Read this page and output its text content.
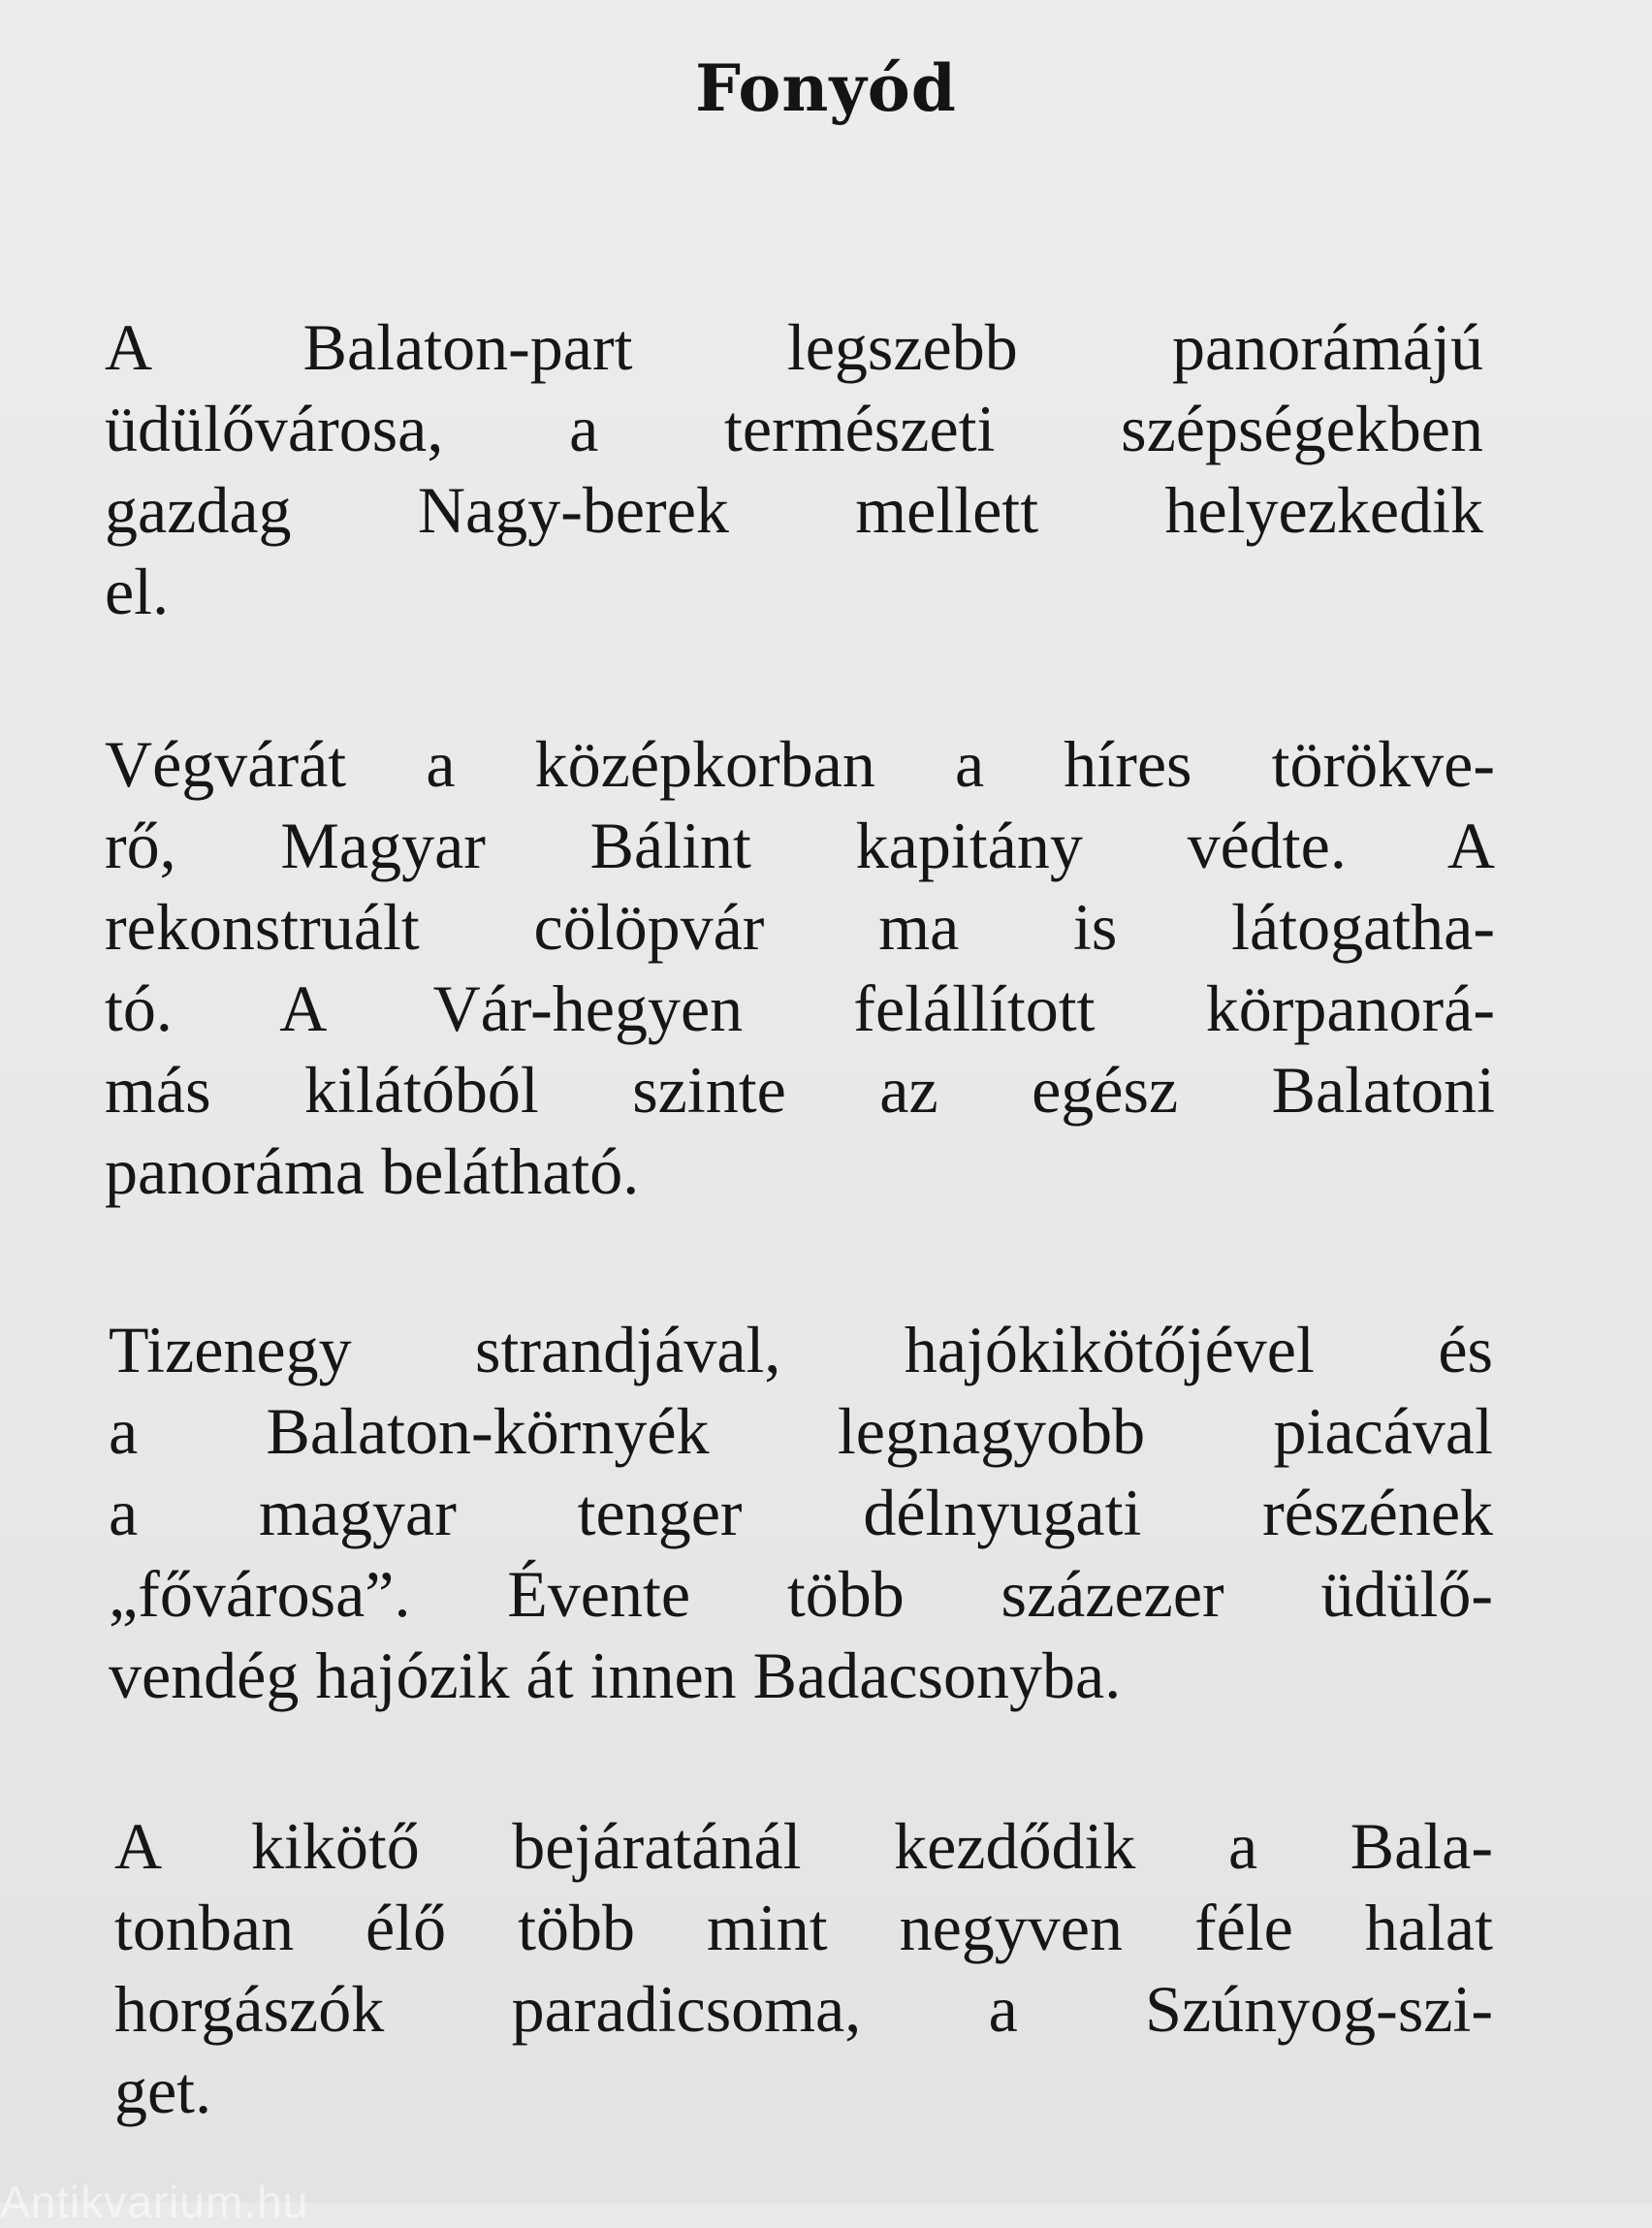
Fonyód
A Balaton-part legszebb panorámájú
üdülővárosa, a természeti szépségekben
gazdag Nagy-berek mellett helyezkedik
el.
Végvárát a középkorban a híres törökve-
rő, Magyar Bálint kapitány védte. A
rekonstruált cölöpvár ma is látogatha-
tó. A Vár-hegyen felállított körpanorá-
más kilátóból szinte az egész Balatoni
panoráma belátható.
Tizenegy strandjával, hajókikötőjével és
a Balaton-környék legnagyobb piacával
a magyar tenger délnyugati részének
„fővárosa”. Évente több százezer üdülő-
vendég hajózik át innen Badacsonyba.
A kikötő bejáratánál kezdődik a Bala-
tonban élő több mint negyven féle halat
horgászók paradicsoma, a Szúnyog-szi-
get.
Antikvarium.hu
